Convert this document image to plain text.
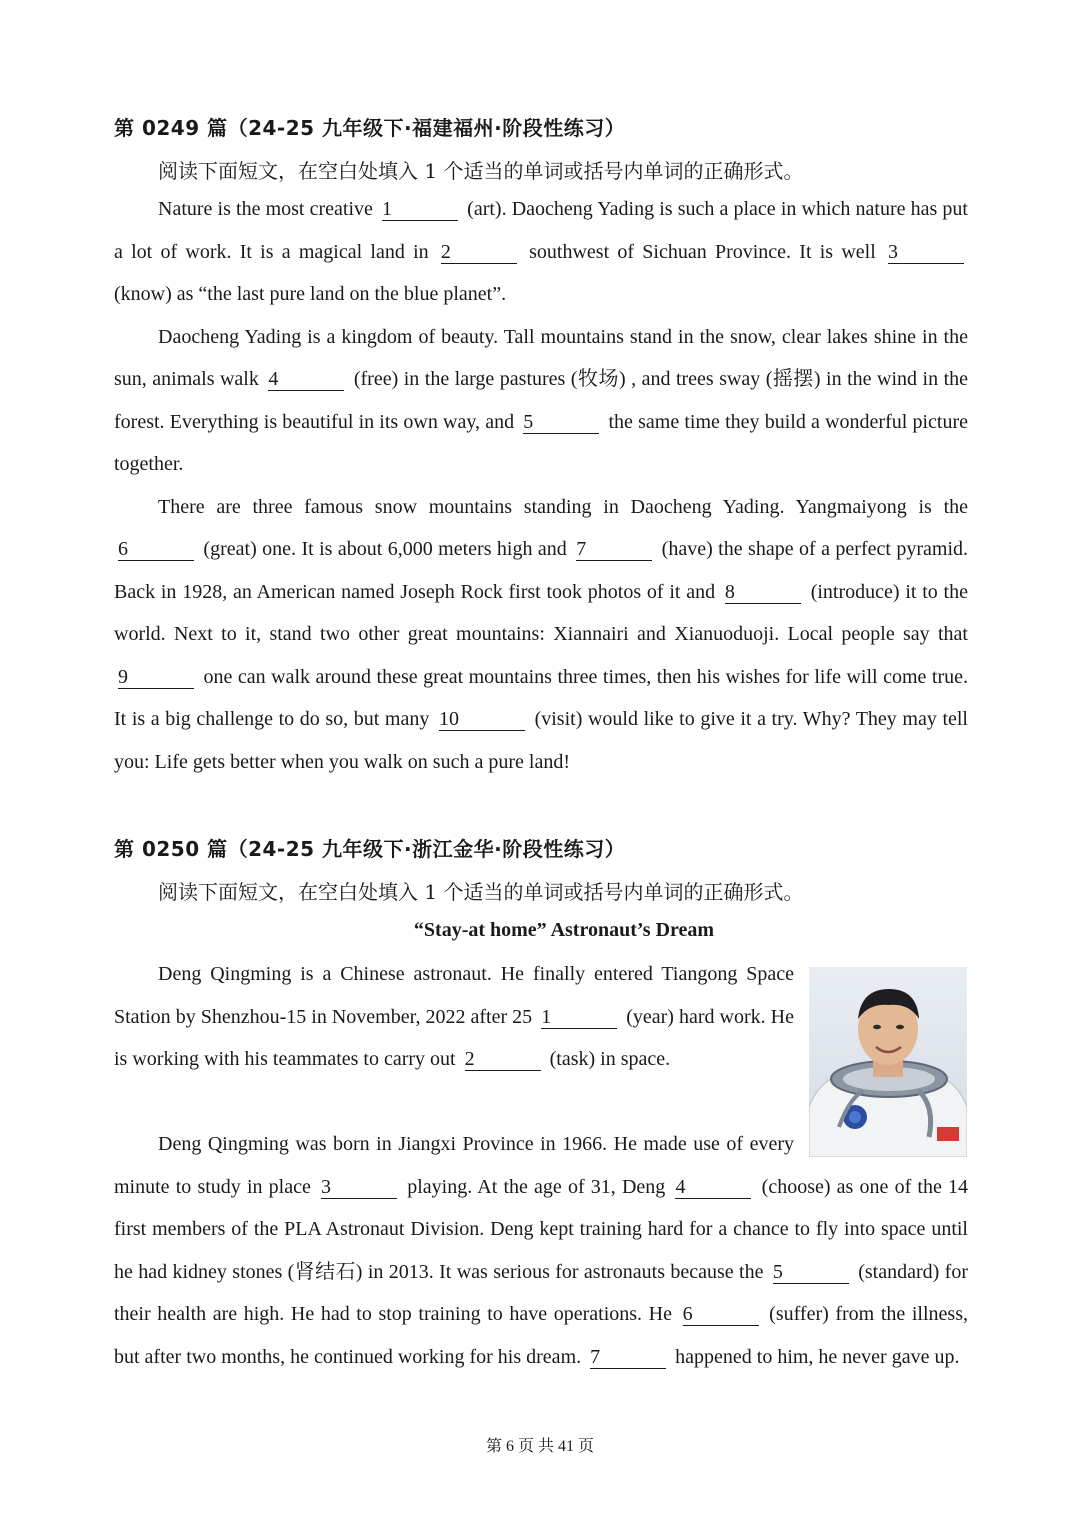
第 0249 篇（24-25 九年级下·福建福州·阶段性练习）
阅读下面短文，在空白处填入 1 个适当的单词或括号内单词的正确形式。

Nature is the most creative 1	(art). Daocheng Yading is such a place in which nature has put a lot of work. It is a magical land in 2	southwest of Sichuan Province. It is well 3 (know) as “the last pure land on the blue planet”.

Daocheng Yading is a kingdom of beauty. Tall mountains stand in the snow, clear lakes shine in the sun, animals walk 4	(free) in the large pastures (牧场) , and trees sway (摇摆) in the wind in the forest. Everything is beautiful in its own way, and 5	the same time they build a wonderful picture together.

There are three famous snow mountains standing in Daocheng Yading. Yangmaiyong is the 6	(great) one. It is about 6,000 meters high and 7	(have) the shape of a perfect pyramid. Back in 1928, an American named Joseph Rock first took photos of it and 8	(introduce) it to the world. Next to it, stand two other great mountains: Xiannairi and Xianuoduoji. Local people say that 9	one can walk around these great mountains three times, then his wishes for life will come true. It is a big challenge to do so, but many 10	(visit) would like to give it a try. Why? They may tell you: Life gets better when you walk on such a pure land!

第 0250 篇（24-25 九年级下·浙江金华·阶段性练习）
阅读下面短文，在空白处填入 1 个适当的单词或括号内单词的正确形式。
“Stay-at home” Astronaut’s Dream

Deng Qingming is a Chinese astronaut. He finally entered Tiangong Space Station by Shenzhou-15 in November, 2022 after 25 1	(year) hard work. He is working with his teammates to carry out 2	(task) in space.

Deng Qingming was born in Jiangxi Province in 1966. He made use of every minute to study in place 3	playing. At the age of 31, Deng 4	(choose) as one of the 14 first members of the PLA Astronaut Division. Deng kept training hard for a chance to fly into space until he had kidney stones (肾结石) in 2013. It was serious for astronauts because the 5	(standard) for their health are high. He had to stop training to have operations. He 6	(suffer) from the illness, but after two months, he continued working for his dream. 7	happened to him, he never gave up.

第 6 页 共 41 页
